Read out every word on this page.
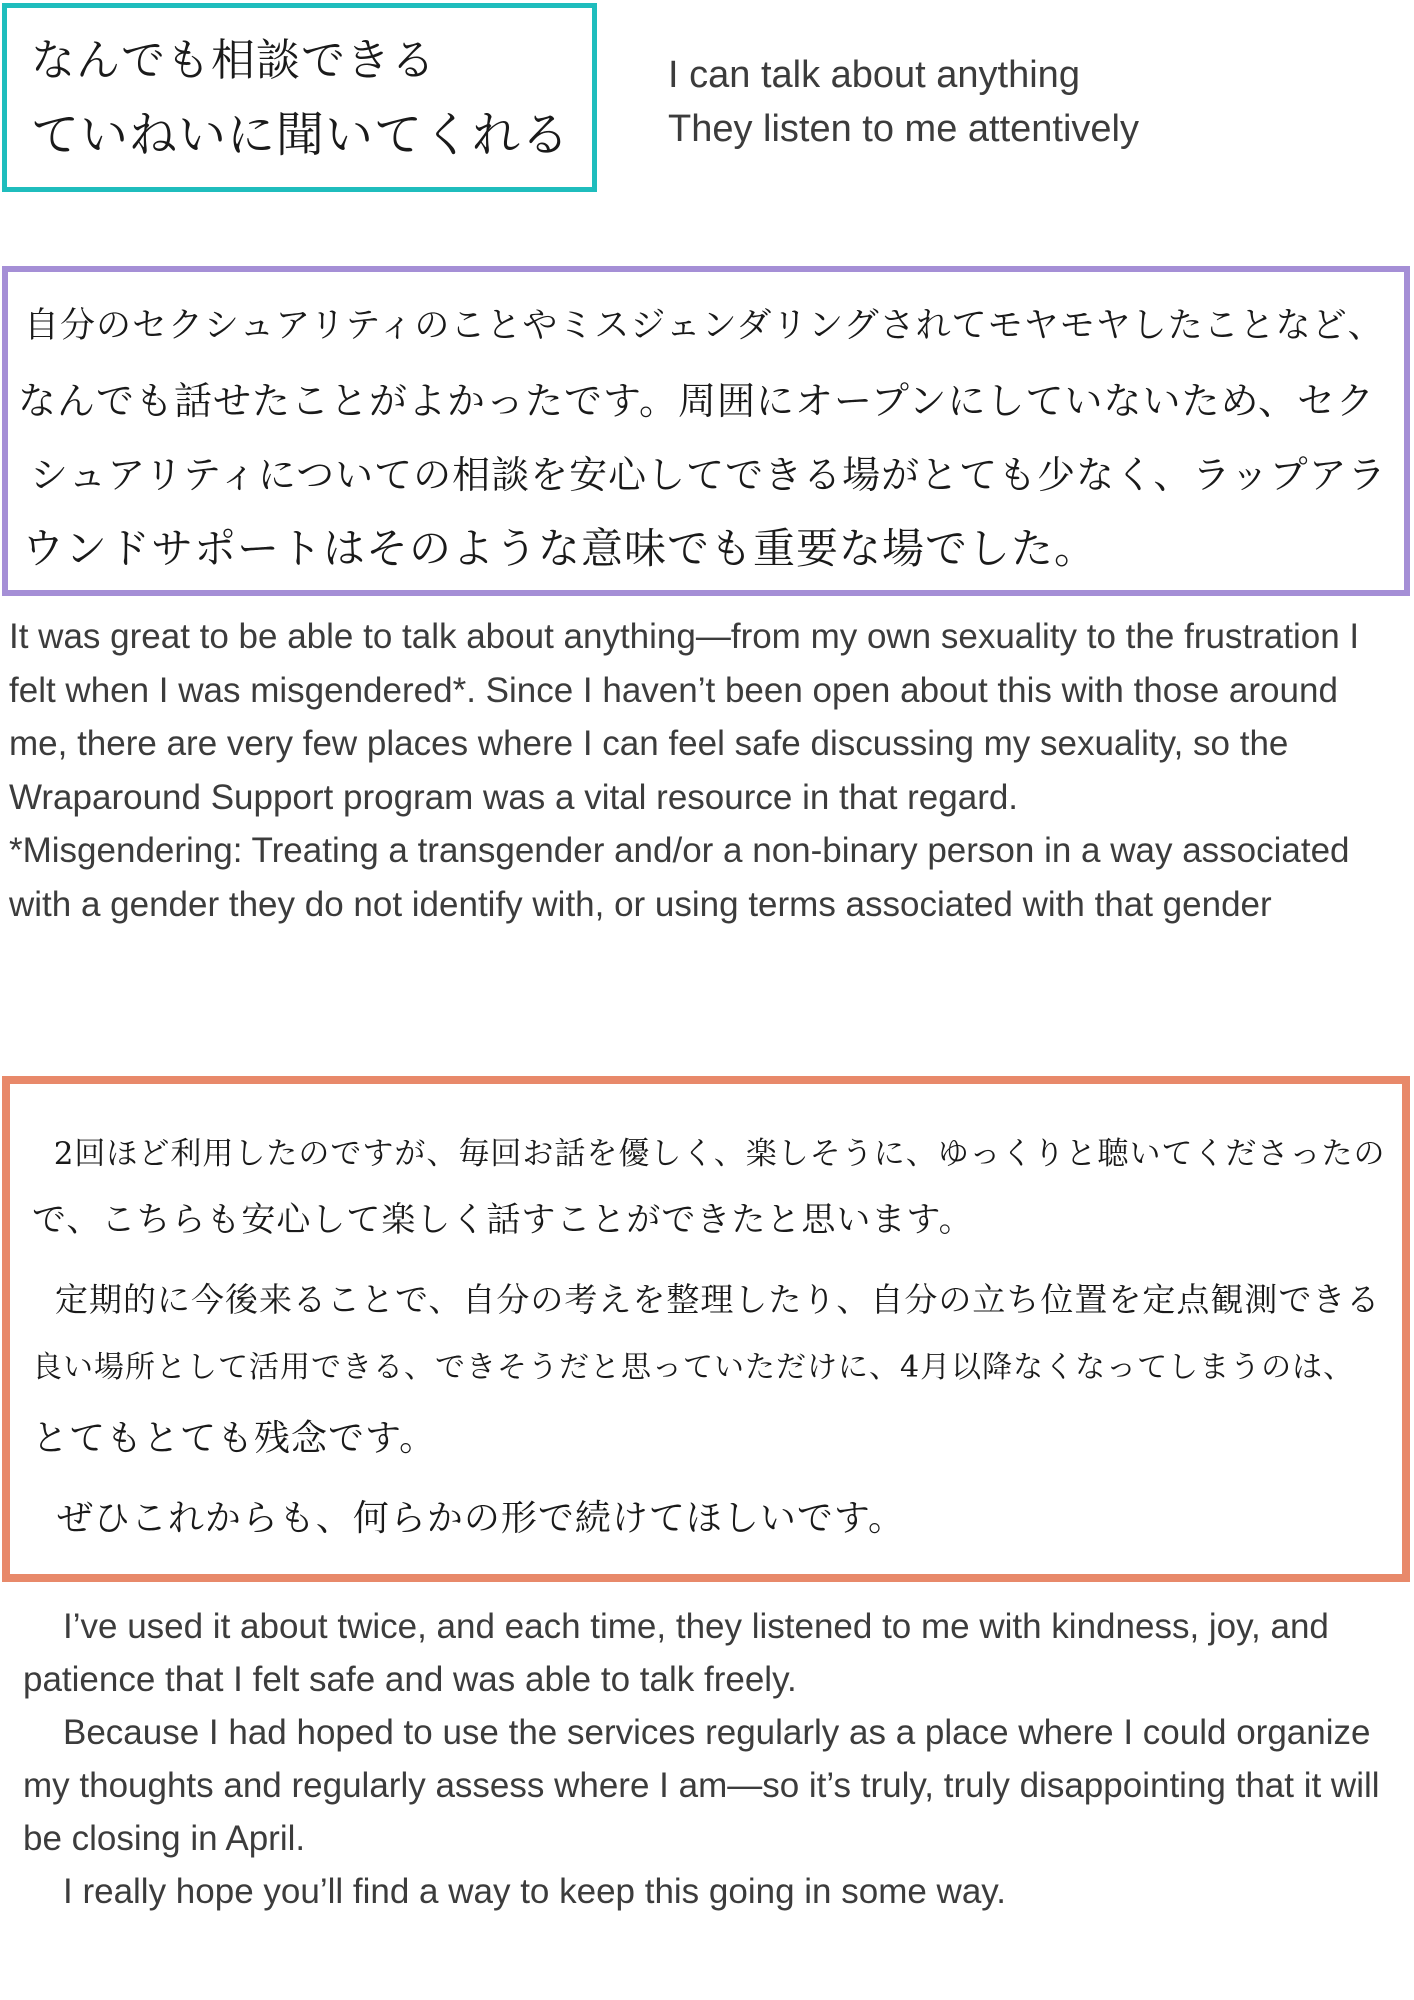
なんでも相談できる
ていねいに聞いてくれる

I can talk about anything

They listen to me attentively

自分のセクシュアリティのことやミスジェンダリングされてモヤモヤしたことなど、
なんでも話せたことがよかったです。周囲にオープンにしていないため、セク
シュアリティについての相談を安心してできる場がとても少なく、ラップアラ
ウンドサポートはそのような意味でも重要な場でした。

It was great to be able to talk about anything—from my own sexuality to the frustration I felt when I was misgendered*. Since I haven’t been open about this with those around me, there are very few places where I can feel safe discussing my sexuality, so the Wraparound Support program was a vital resource in that regard.

*Misgendering: Treating a transgender and/or a non-binary person in a way associated with a gender they do not identify with, or using terms associated with that gender

2回ほど利用したのですが、毎回お話を優しく、楽しそうに、ゆっくりと聴いてくださったの
で、こちらも安心して楽しく話すことができたと思います。
定期的に今後来ることで、自分の考えを整理したり、自分の立ち位置を定点観測できる
良い場所として活用できる、できそうだと思っていただけに、4月以降なくなってしまうのは、
とてもとても残念です。
ぜひこれからも、何らかの形で続けてほしいです。

I’ve used it about twice, and each time, they listened to me with kindness, joy, and patience that I felt safe and was able to talk freely.

Because I had hoped to use the services regularly as a place where I could organize my thoughts and regularly assess where I am—so it’s truly, truly disappointing that it will be closing in April.

I really hope you’ll find a way to keep this going in some way.
